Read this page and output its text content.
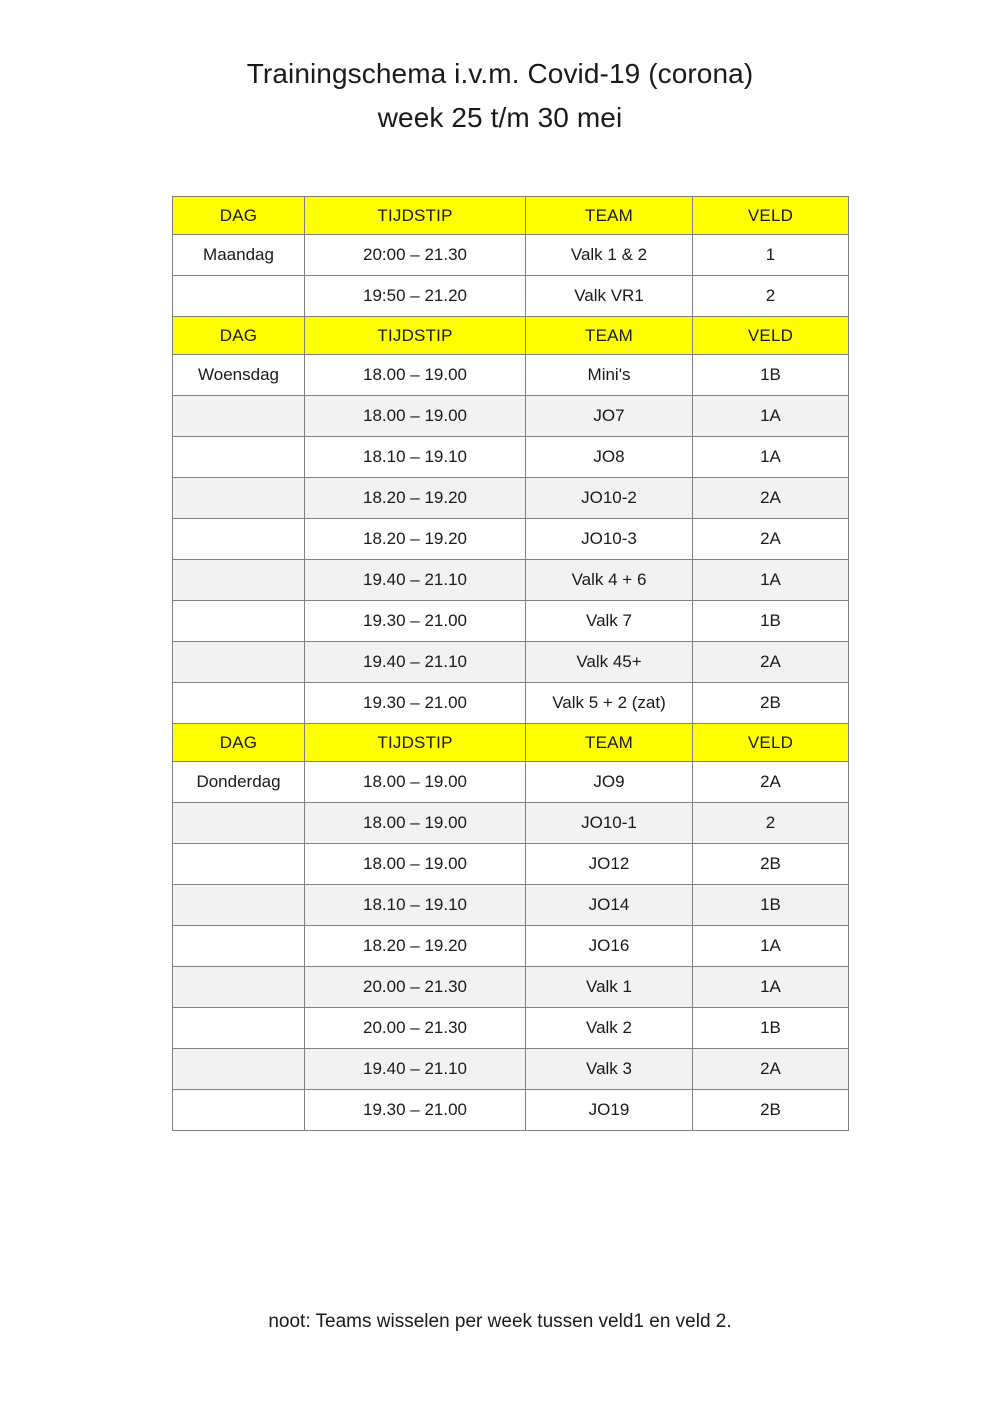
Trainingschema i.v.m. Covid-19 (corona)
week 25 t/m 30 mei
DAG	TIJDSTIP	TEAM	VELD
Maandag	20:00 – 21.30	Valk 1 & 2	1
	19:50 – 21.20	Valk VR1	2
DAG	TIJDSTIP	TEAM	VELD
Woensdag	18.00 – 19.00	Mini's	1B
	18.00 – 19.00	JO7	1A
	18.10 – 19.10	JO8	1A
	18.20 – 19.20	JO10-2	2A
	18.20 – 19.20	JO10-3	2A
	19.40 – 21.10	Valk 4 + 6	1A
	19.30 – 21.00	Valk 7	1B
	19.40 – 21.10	Valk 45+	2A
	19.30 – 21.00	Valk 5 + 2 (zat)	2B
DAG	TIJDSTIP	TEAM	VELD
Donderdag	18.00 – 19.00	JO9	2A
	18.00 – 19.00	JO10-1	2
	18.00 – 19.00	JO12	2B
	18.10 – 19.10	JO14	1B
	18.20 – 19.20	JO16	1A
	20.00 – 21.30	Valk 1	1A
	20.00 – 21.30	Valk 2	1B
	19.40 – 21.10	Valk 3	2A
	19.30 – 21.00	JO19	2B
noot: Teams wisselen per week tussen veld1 en veld 2.
